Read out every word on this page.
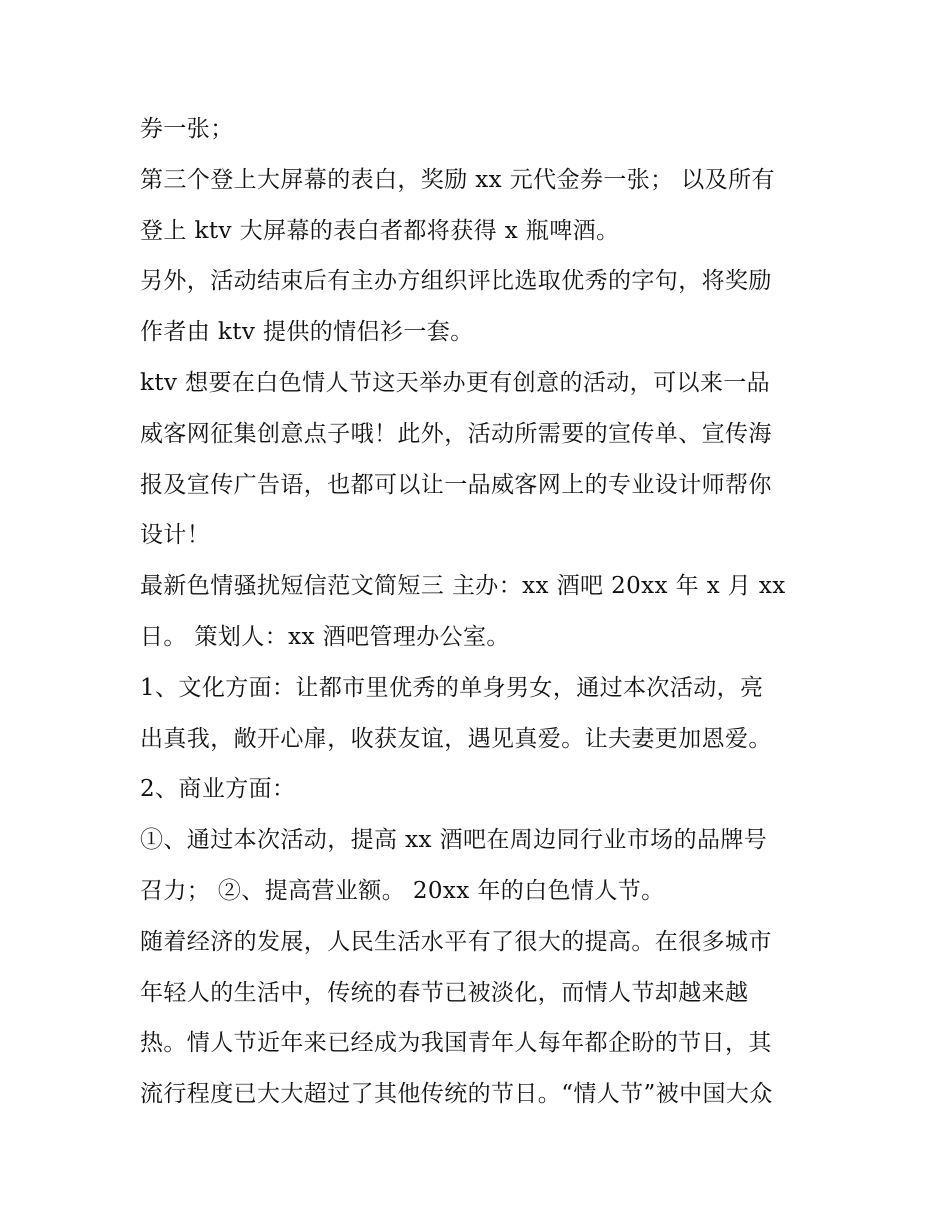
券一张；
第三个登上大屏幕的表白，奖励 xx 元代金券一张； 以及所有
登上 ktv 大屏幕的表白者都将获得 x 瓶啤酒。
另外，活动结束后有主办方组织评比选取优秀的字句，将奖励
作者由 ktv 提供的情侣衫一套。
ktv 想要在白色情人节这天举办更有创意的活动，可以来一品
威客网征集创意点子哦！此外，活动所需要的宣传单、宣传海
报及宣传广告语，也都可以让一品威客网上的专业设计师帮你
设计！
最新色情骚扰短信范文简短三 主办：xx 酒吧 20xx 年 x 月 xx
日。 策划人：xx 酒吧管理办公室。
1、文化方面：让都市里优秀的单身男女，通过本次活动，亮
出真我，敞开心扉，收获友谊，遇见真爱。让夫妻更加恩爱。
2、商业方面：
①、通过本次活动，提高 xx 酒吧在周边同行业市场的品牌号
召力； ②、提高营业额。 20xx 年的白色情人节。
随着经济的发展，人民生活水平有了很大的提高。在很多城市
年轻人的生活中，传统的春节已被淡化，而情人节却越来越
热。情人节近年来已经成为我国青年人每年都企盼的节日，其
流行程度已大大超过了其他传统的节日。“情人节”被中国大众
